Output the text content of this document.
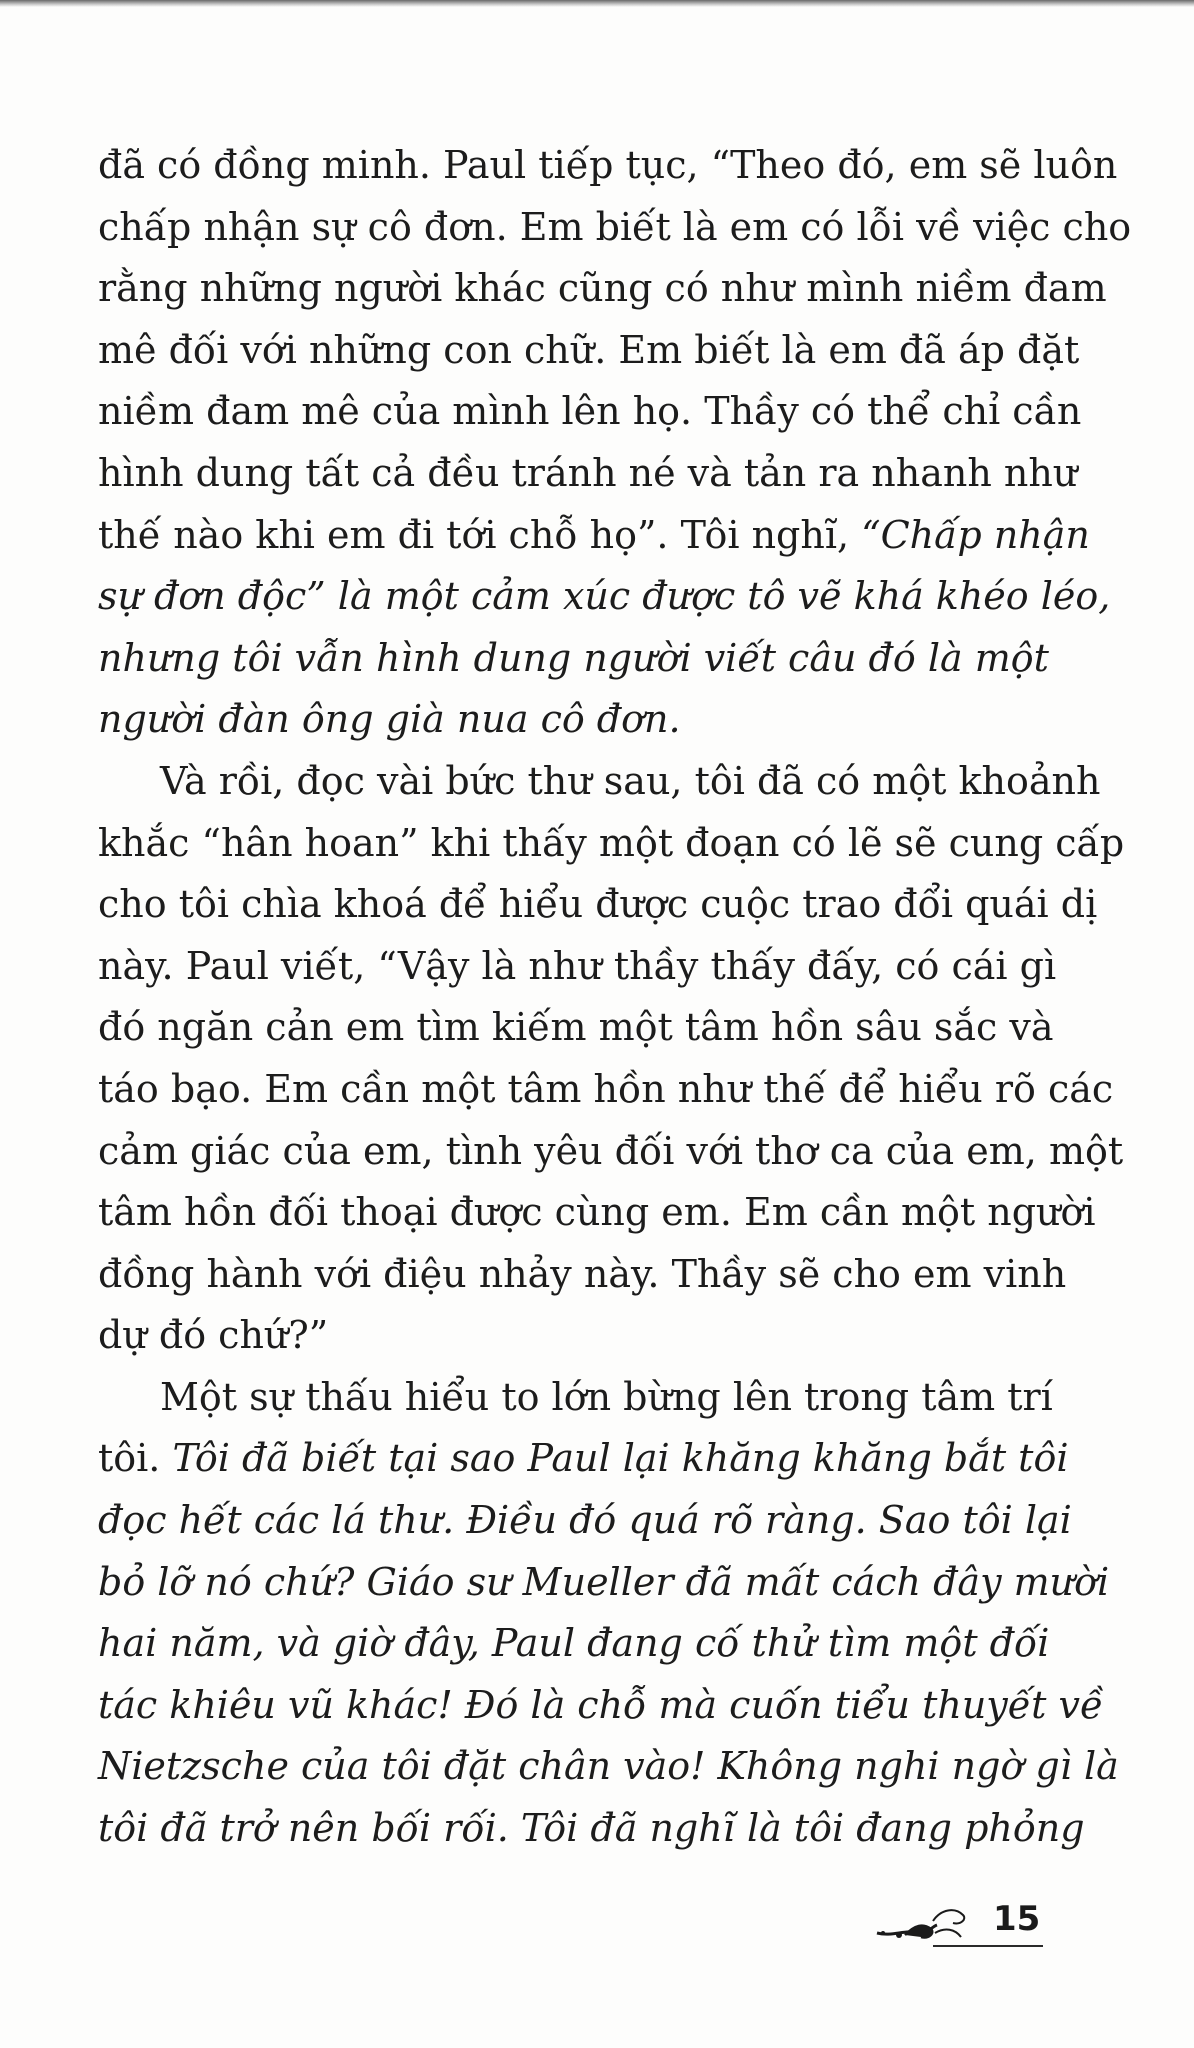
đã có đồng minh. Paul tiếp tục, “Theo đó, em sẽ luôn
chấp nhận sự cô đơn. Em biết là em có lỗi về việc cho
rằng những người khác cũng có như mình niềm đam
mê đối với những con chữ. Em biết là em đã áp đặt
niềm đam mê của mình lên họ. Thầy có thể chỉ cần
hình dung tất cả đều tránh né và tản ra nhanh như
thế nào khi em đi tới chỗ họ”. Tôi nghĩ, “Chấp nhận
sự đơn độc” là một cảm xúc được tô vẽ khá khéo léo,
nhưng tôi vẫn hình dung người viết câu đó là một
người đàn ông già nua cô đơn.
Và rồi, đọc vài bức thư sau, tôi đã có một khoảnh
khắc “hân hoan” khi thấy một đoạn có lẽ sẽ cung cấp
cho tôi chìa khoá để hiểu được cuộc trao đổi quái dị
này. Paul viết, “Vậy là như thầy thấy đấy, có cái gì
đó ngăn cản em tìm kiếm một tâm hồn sâu sắc và
táo bạo. Em cần một tâm hồn như thế để hiểu rõ các
cảm giác của em, tình yêu đối với thơ ca của em, một
tâm hồn đối thoại được cùng em. Em cần một người
đồng hành với điệu nhảy này. Thầy sẽ cho em vinh
dự đó chứ?”
Một sự thấu hiểu to lớn bừng lên trong tâm trí
tôi. Tôi đã biết tại sao Paul lại khăng khăng bắt tôi
đọc hết các lá thư. Điều đó quá rõ ràng. Sao tôi lại
bỏ lỡ nó chứ? Giáo sư Mueller đã mất cách đây mười
hai năm, và giờ đây, Paul đang cố thử tìm một đối
tác khiêu vũ khác! Đó là chỗ mà cuốn tiểu thuyết về
Nietzsche của tôi đặt chân vào! Không nghi ngờ gì là
tôi đã trở nên bối rối. Tôi đã nghĩ là tôi đang phỏng
15
